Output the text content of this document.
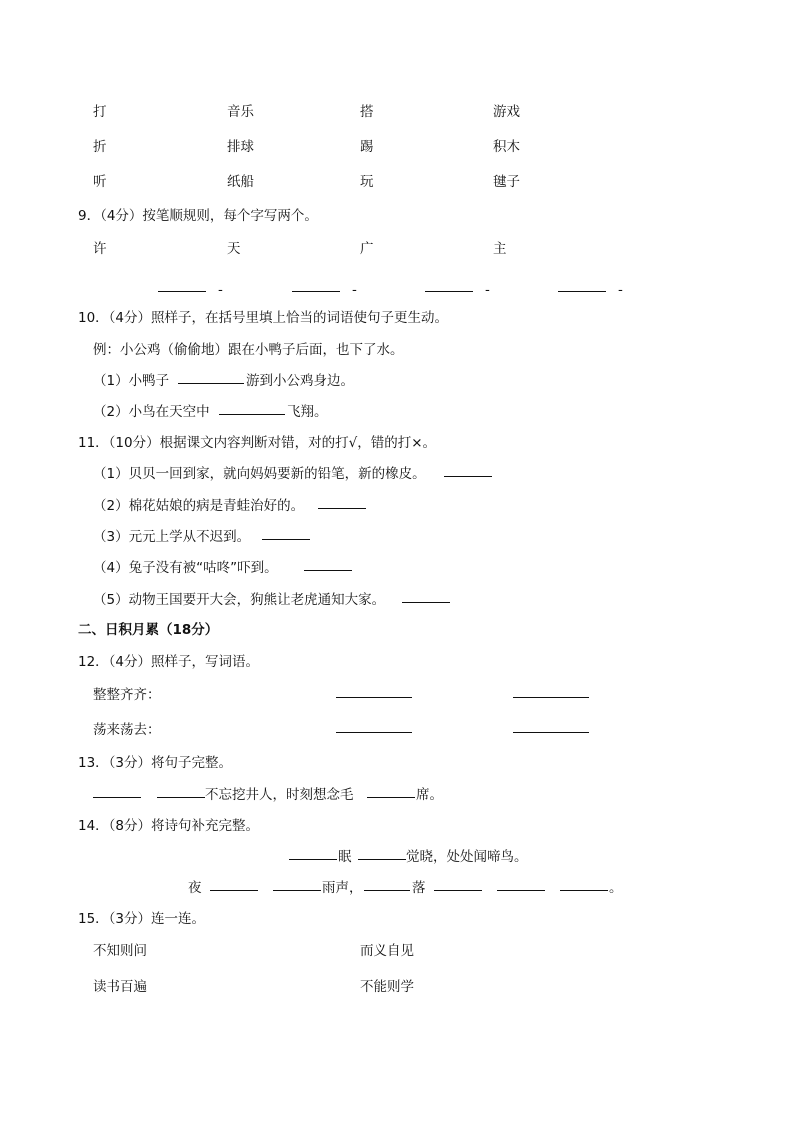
打	音乐	搭	游戏
折	排球	踢	积木
听	纸船	玩	毽子
9．（4分）按笔顺规则，每个字写两个。
许	天	广	主
-	-	-	-
10．（4分）照样子，在括号里填上恰当的词语使句子更生动。
例：小公鸡（偷偷地）跟在小鸭子后面，也下了水。
（1）小鸭子	游到小公鸡身边。
（2）小鸟在天空中	飞翔。
11．（10分）根据课文内容判断对错，对的打√，错的打×。
（1）贝贝一回到家，就向妈妈要新的铅笔，新的橡皮。
（2）棉花姑娘的病是青蛙治好的。
（3）元元上学从不迟到。
（4）兔子没有被“咕咚”吓到。
（5）动物王国要开大会，狗熊让老虎通知大家。
二、日积月累（18分）
12．（4分）照样子，写词语。
整整齐齐：
荡来荡去：
13．（3分）将句子完整。
不忘挖井人，时刻想念毛	席。
14．（8分）将诗句补充完整。
眠	觉晓，处处闻啼鸟。
夜	雨声，	落	。
15．（3分）连一连。
不知则问	而义自见
读书百遍	不能则学
